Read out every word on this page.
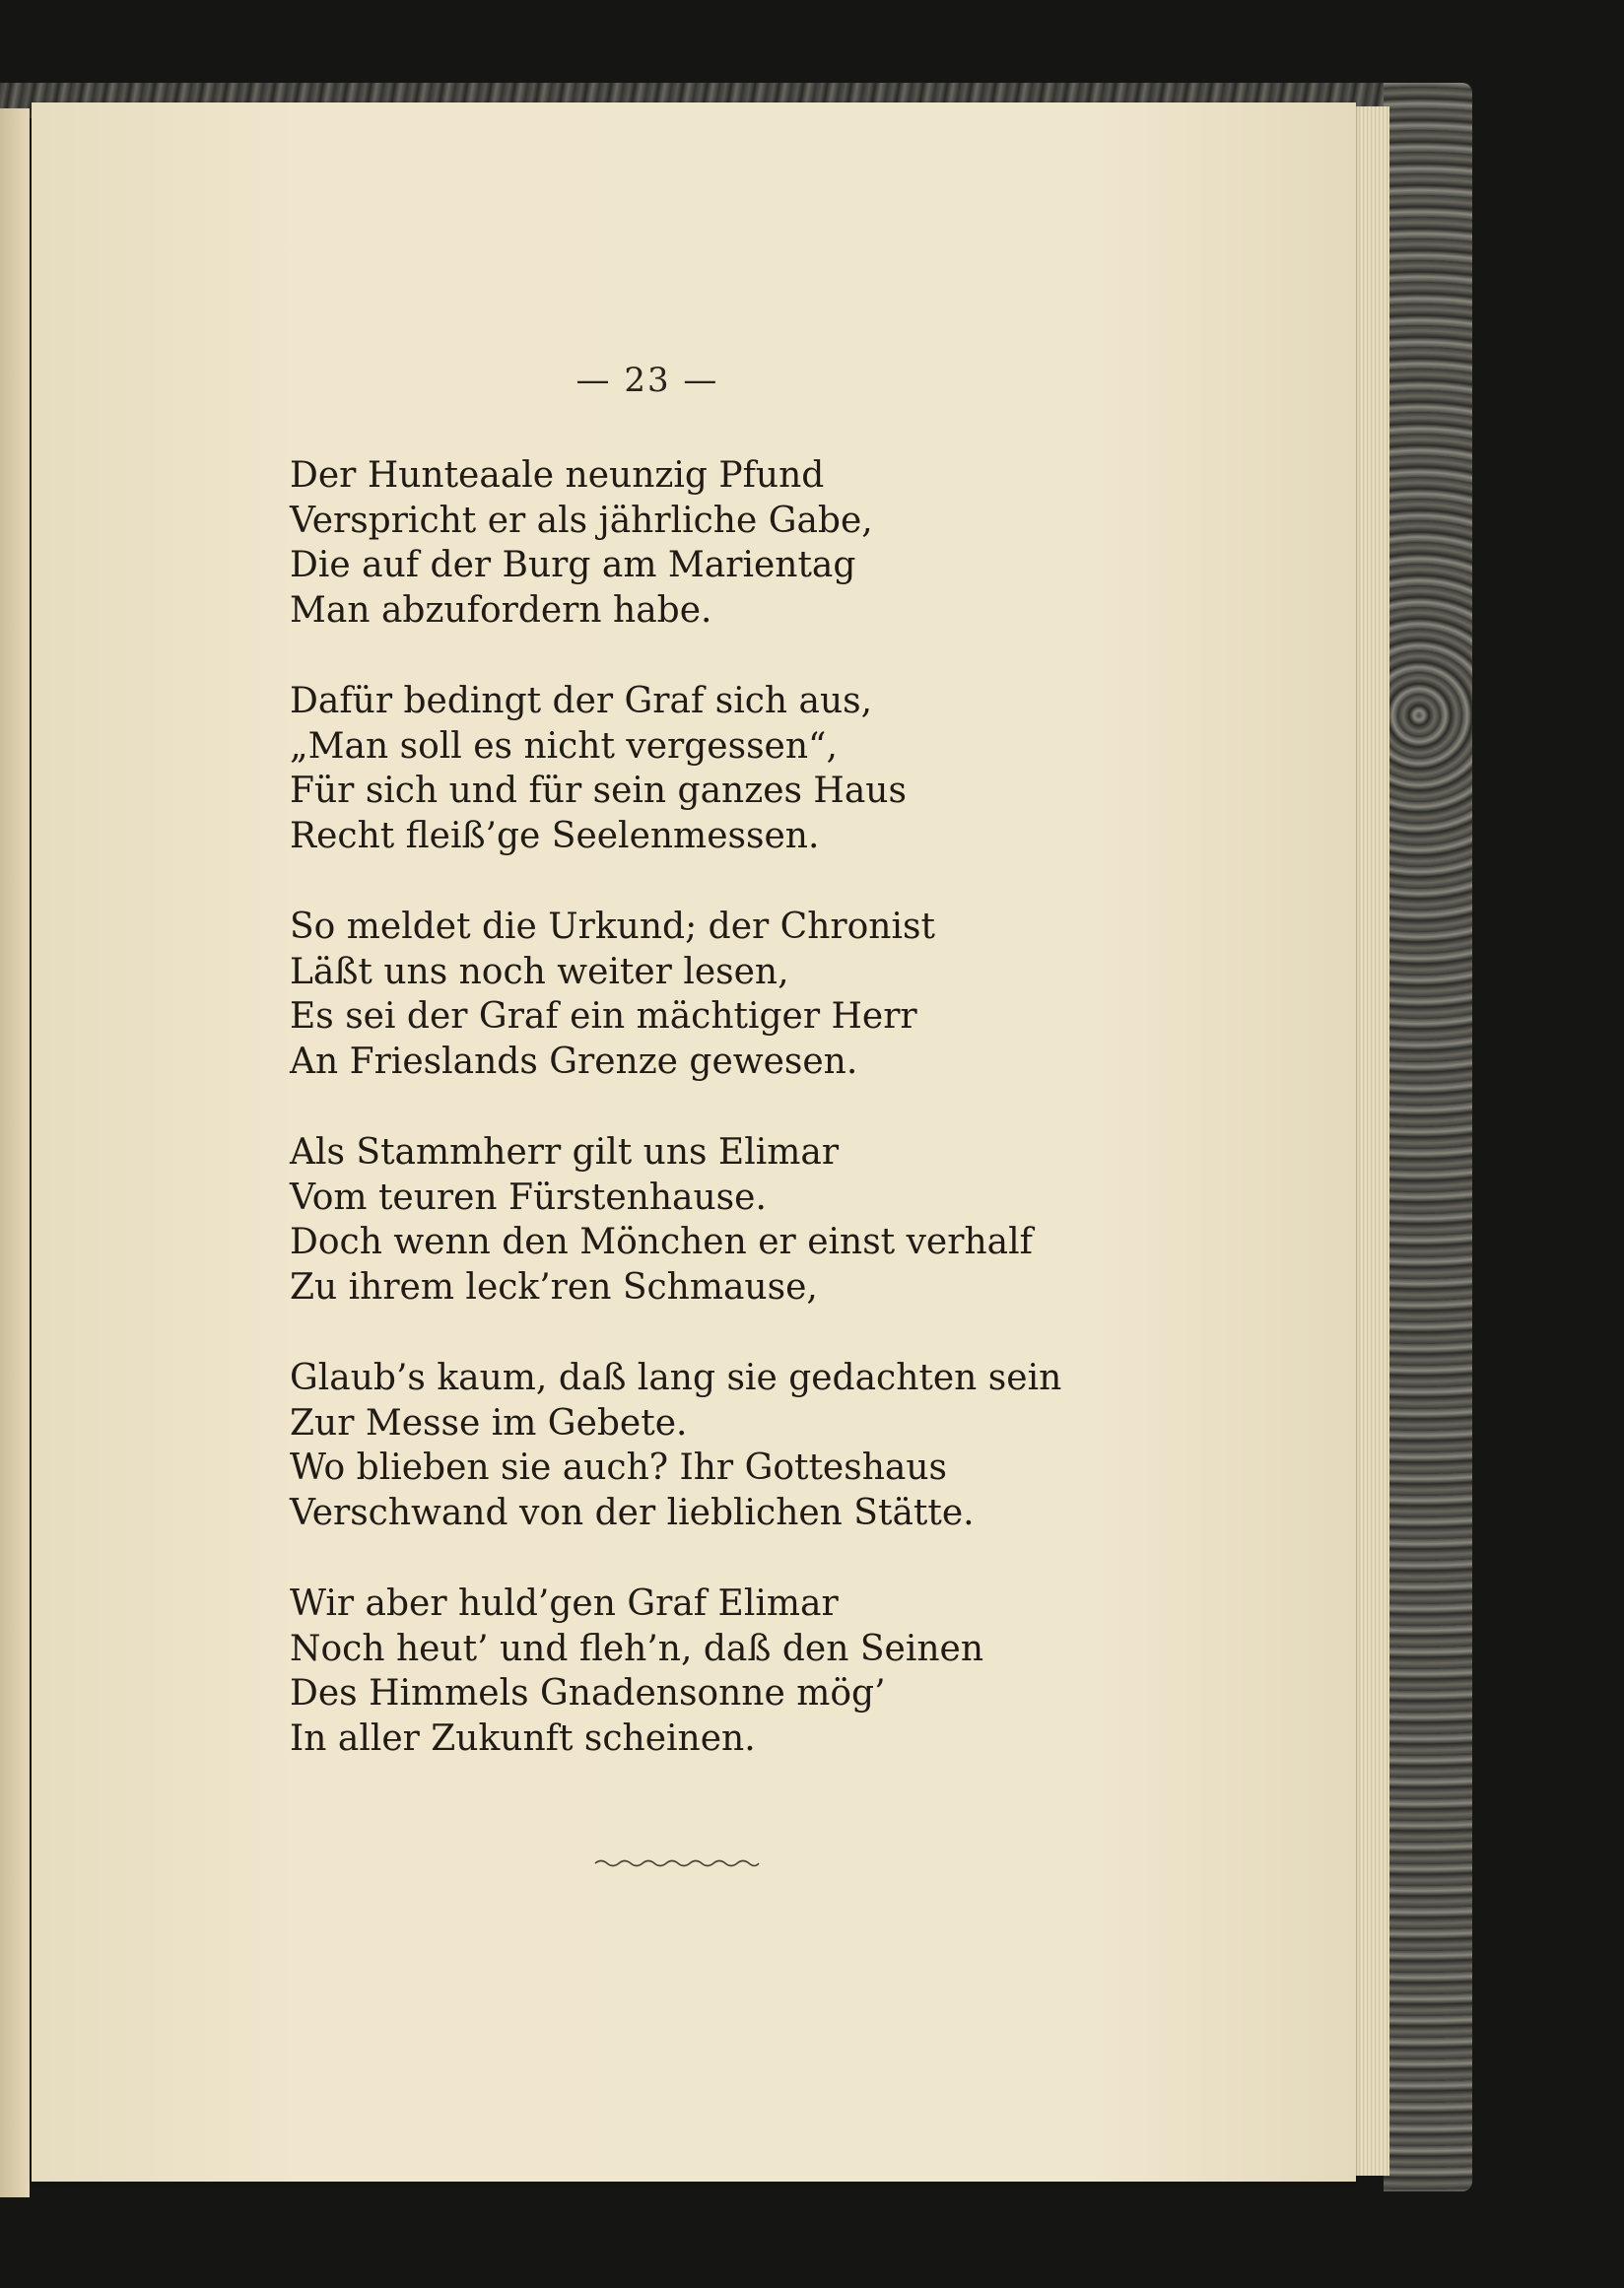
— 23 —
Der Hunteaale neunzig Pfund
Verspricht er als jährliche Gabe,
Die auf der Burg am Marientag
Man abzufordern habe.
Dafür bedingt der Graf sich aus,
„Man soll es nicht vergessen“,
Für sich und für sein ganzes Haus
Recht fleiß’ge Seelenmessen.
So meldet die Urkund; der Chronist
Läßt uns noch weiter lesen,
Es sei der Graf ein mächtiger Herr
An Frieslands Grenze gewesen.
Als Stammherr gilt uns Elimar
Vom teuren Fürstenhause.
Doch wenn den Mönchen er einst verhalf
Zu ihrem leck’ren Schmause,
Glaub’s kaum, daß lang sie gedachten sein
Zur Messe im Gebete.
Wo blieben sie auch? Ihr Gotteshaus
Verschwand von der lieblichen Stätte.
Wir aber huld’gen Graf Elimar
Noch heut’ und fleh’n, daß den Seinen
Des Himmels Gnadensonne mög’
In aller Zukunft scheinen.
